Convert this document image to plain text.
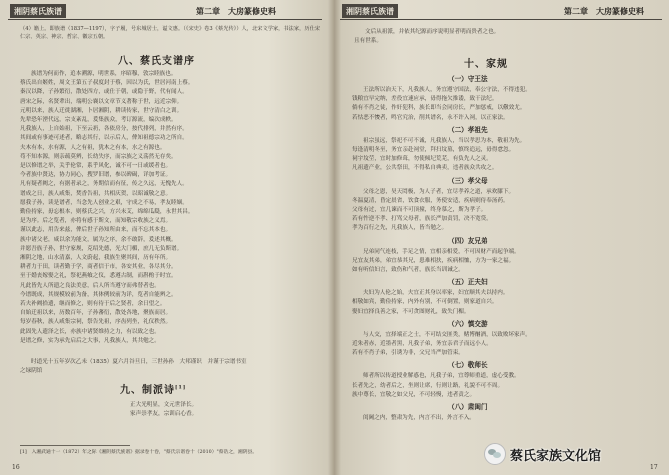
湘阴蔡氏族谱	第二章　大房篆修史料

（4）籍上。即族谱（1837—1197），字子履，号东城居士，谥文惠。（《宋史》卷3《蔡光传》）人，北宋文学家，书法家，历仕宋仁宗、英宗、神宗、哲宗、徽宗五朝。

八、蔡氏支谱序

族谱为何而作，追本溯源，明世系，序昭穆，敦宗睦族也。
蔡氏出自姬姓，周文王第五子叔度封于蔡，因以为氏，世居河南上蔡。
秦汉以降，子孙繁衍，散处四方，或仕于朝，或隐于野，代有闻人。
唐宋之际，名贤辈出，端明公襄以文章节义著称于世，远近宗仰。
元明以来，族人迁徙湖湘，卜居湘阴，耕读传家，世守清白之训。
先辈恐年湮代远，宗支紊乱，爰集族众，考订源流，编次成帙。
凡我族人，上自始祖，下至云礽，各依房分，按代排列，井然有序。
其间或有事迹可述者，略志其行，以示后人，俾知祖德宗功之所自。
夫木有本，水有源，人之有祖，犹木之有本，水之有源也。
苟不知本源，则亲疏莫辨，长幼失序，而宗族之义荡然无存矣。
是以修谱之举，关乎伦常，系乎风化，诚不可一日或缓者也。
今者族中贤达，协力同心，搜罗旧谱，参以碑碣，详加考证。
凡有疑者阙之，有据者录之，务期信而有征，传之久远，无愧先人。
谱成之日，族人咸集，焚香告祖，共相庆贺，以昭诚敬之意。
愿我子孙，读是谱者，当念先人创业之艰，守成之不易，孝友睦姻。
勤俭持家，毋忘根本，则蔡氏之兴，方兴未艾，绵绵瓜瓞，永世其昌。
是为序。后之览者，亦将有感于斯文，而知敬宗收族之义焉。
谨以此志，用告来兹，俾后世子孙知所由来，而不忘其本也。
族中诸父老，咸以余为能文，属为之序，余不敢辞，爰述其概。
并愿吾族子孙，世守家规，克绍先德，光大门楣，庶几无负斯谱。
湘阴之地，山水清嘉，人文蔚起，我族生聚其间，历有年所。
耕者力于田，读者勤于学，商者信于市，各安其业，各尽其分。
至于婚丧嫁娶之礼，祭祀燕飨之仪，悉遵古制，而斟酌于时宜。
凡此皆先人所遗之良法美意，后人所当遵守而弗替者也。
今谱既成，其规模较前为备，其体例较前为详，览者自能辨之。
若夫补阙拾遗，继而修之，则有待于后之贤者，余日望之。
自始迁祖以来，历数百年，子孙蕃衍，散处各地，聚族而居。
每岁春秋，族人咸集宗祠，祭告先祖，序齿列坐，礼仪秩然。
此固先人遗泽之长，亦族中诸贤维持之力，有以致之也。
是谱之修，实为承先启后之大事，凡我族人，其共勉之。

时道光十五年岁次乙未（1835）夏六月谷旦日，三世孙孙　大邦谨识　并谨于宗谱书室
之绿阴馆

九、制派诗[1]
正大光明显，文元世泽长。
家声崇孝友，宗训启心香。
[1]　入湘武通十一（1872）年之际《湘阴蔡氏族谱》据录卷十卷，"蔡氏宗谱卷十（2010）"蔡诰之，湘阴县。
16
湘阴蔡氏族谱	第二章　大房篆修史料
文后从祖派，并依其纪源而序说明显者明而贵者之也。
且有世系。
十、家规
（一）守王法

王法所以治天下，凡我族人，务宜遵守国法，奉公守法，不得违犯。
钱粮宜早完纳，差役宜速应承，毋得拖欠推诿，致干法纪。
倘有不肖之徒，作奸犯科，族长即当会同房长，严加惩戒，以儆效尤。
若怙恶不悛者，鸣官究治，削其谱名，永不许入祠，以正家法。

（二）孝祖先

祖宗虽远，祭祀不可不诚，凡我族人，当以孝思为本，敬祖为先。
每逢清明冬至，务宜亲赴祠堂，拜扫坟墓，慎终追远，毋得怠忽。
祠宇坟茔，宜时加修葺，勿使倾圮荒芜，有负先人之灵。
凡祖遗产业，公共祭田，不得私自典卖，违者族众共攻之。

（三）孝父母

父母之恩，昊天罔极，为人子者，宜尽孝养之道，承欢膝下。
冬温夏凊，昏定晨省，饮食衣服，务使安适，疾病则侍奉汤药。
父母有过，宜几谏而不可顶撞，终身慕之，斯为孝子。
若有忤逆不孝、打骂父母者，族长严加责罚，决不宽贷。
孝为百行之先，凡我族人，皆当勉之。

（四）友兄弟

兄弟同气连枝，手足之情，宜相亲相爱，不可因财产而起争端。
兄宜友其弟，弟宜恭其兄，患难相扶，疾病相恤，方为一家之福。
如有听信妇言，致伤和气者，族长当训诫之。

（五）正夫妇

夫妇为人伦之始，夫宜正其身以率家，妇宜顺其夫以持内。
相敬如宾，勤俭持家，内外有别，不可倒置，则家道自兴。
娶妇宜择良善之家，不可贪图财礼，致失门楣。

（六）慎交游

与人交，宜择端正之士，不可结交匪类，赌博酗酒，以致败坏家声。
近朱者赤，近墨者黑，凡我子弟，务宜亲君子而远小人。
若有不肖子弟，引诱为非，父兄当严加管束。

（七）敬师长

师者所以传道授业解惑也，凡我子弟，宜尊师重道，虚心受教。
长者先之，幼者后之，坐则让席，行则让路，礼貌不可不周。
族中尊长，宜敬之如父兄，不可轻慢，违者责之。

（八）肃闺门

闺阃之内，整肃为先，内言不出，外言不入。

17
蔡氏家族文化馆
